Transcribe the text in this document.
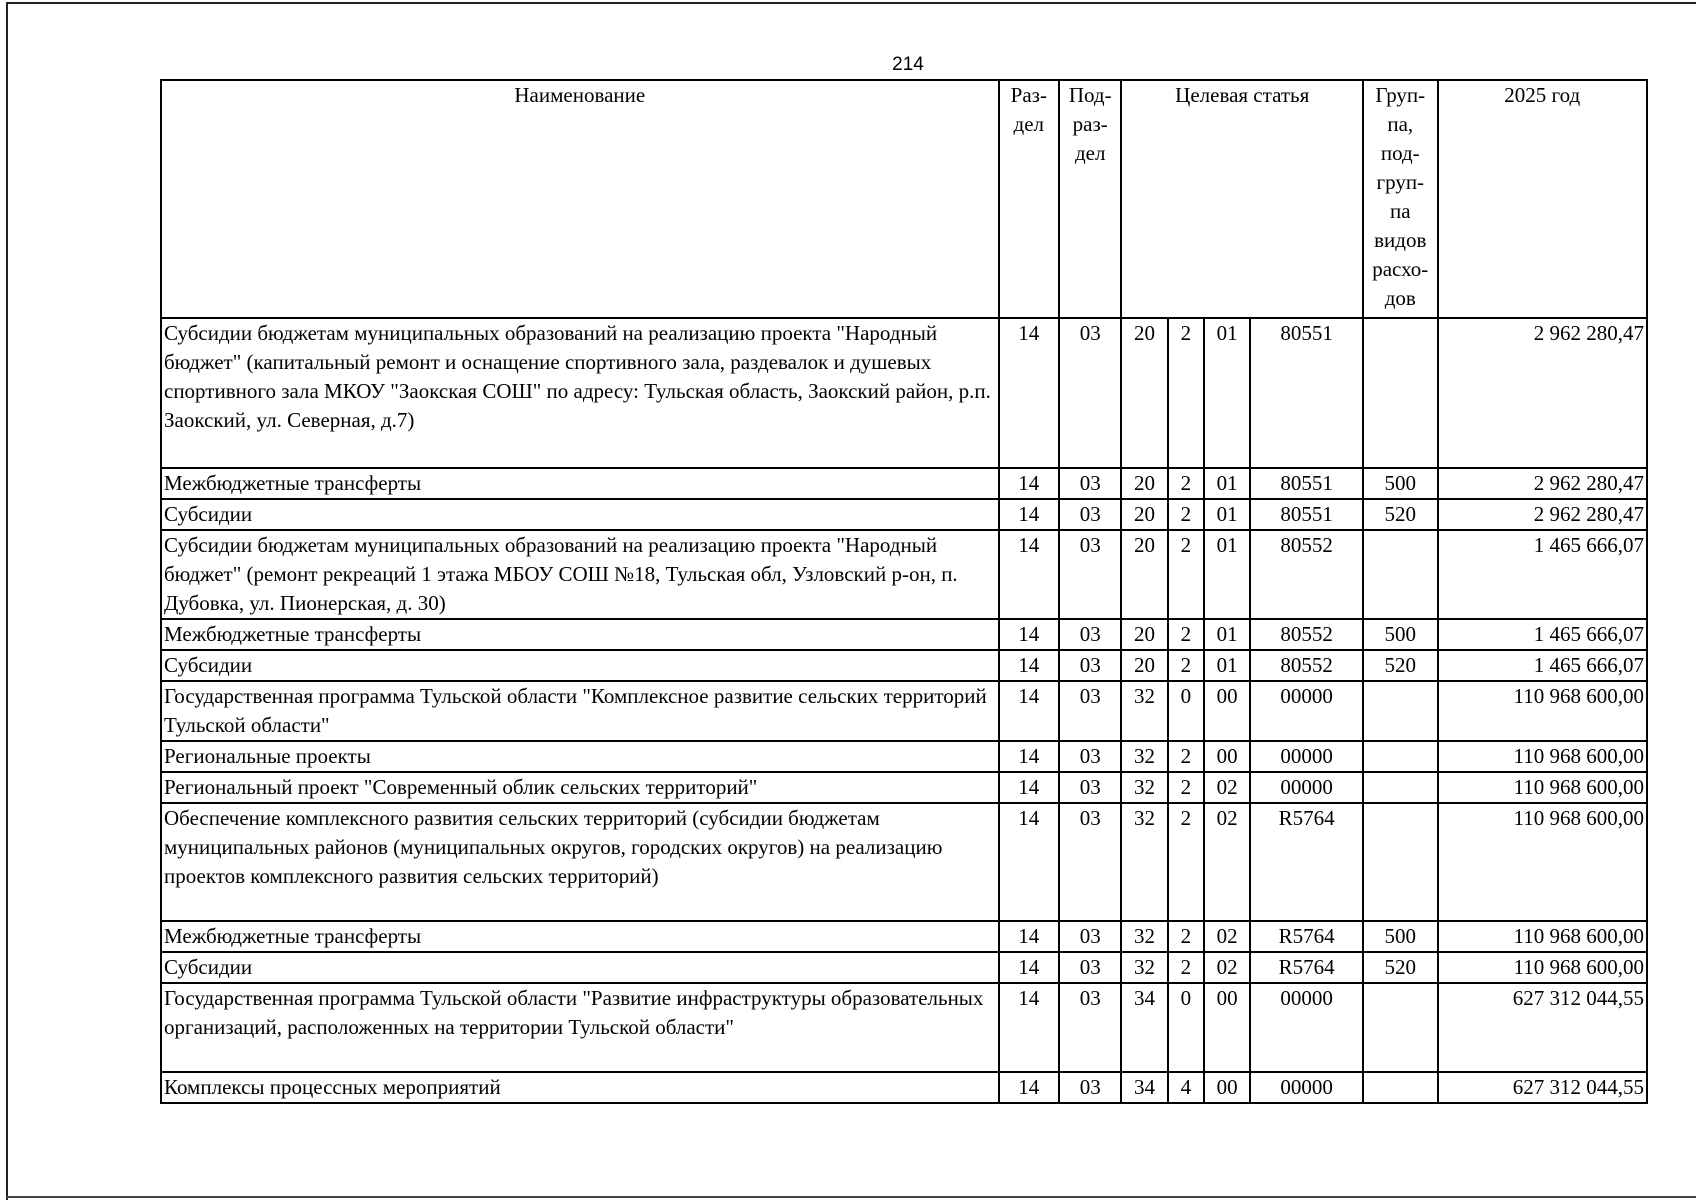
214
Наименование	Раз- дел	Под- раз- дел	Целевая статья				Груп- па, под- груп- па видов расхо- дов	2025 год
Субсидии бюджетам муниципальных образований на реализацию проекта "Народный бюджет" (капитальный ремонт и оснащение спортивного зала, раздевалок и душевых спортивного зала МКОУ "Заокская СОШ" по адресу: Тульская область, Заокский район, р.п. Заокский, ул. Северная, д.7)	14	03	20	2	01	80551		2 962 280,47
Межбюджетные трансферты	14	03	20	2	01	80551	500	2 962 280,47
Субсидии	14	03	20	2	01	80551	520	2 962 280,47
Субсидии бюджетам муниципальных образований на реализацию проекта "Народный бюджет" (ремонт рекреаций 1 этажа МБОУ СОШ №18, Тульская обл, Узловский р-он, п. Дубовка, ул. Пионерская, д. 30)	14	03	20	2	01	80552		1 465 666,07
Межбюджетные трансферты	14	03	20	2	01	80552	500	1 465 666,07
Субсидии	14	03	20	2	01	80552	520	1 465 666,07
Государственная программа Тульской области "Комплексное развитие сельских территорий Тульской области"	14	03	32	0	00	00000		110 968 600,00
Региональные проекты	14	03	32	2	00	00000		110 968 600,00
Региональный проект "Современный облик сельских территорий"	14	03	32	2	02	00000		110 968 600,00
Обеспечение комплексного развития сельских территорий (субсидии бюджетам муниципальных районов (муниципальных округов, городских округов) на реализацию проектов комплексного развития сельских территорий)	14	03	32	2	02	R5764		110 968 600,00
Межбюджетные трансферты	14	03	32	2	02	R5764	500	110 968 600,00
Субсидии	14	03	32	2	02	R5764	520	110 968 600,00
Государственная программа Тульской области "Развитие инфраструктуры образовательных организаций, расположенных на территории Тульской области"	14	03	34	0	00	00000		627 312 044,55
Комплексы процессных мероприятий	14	03	34	4	00	00000		627 312 044,55
